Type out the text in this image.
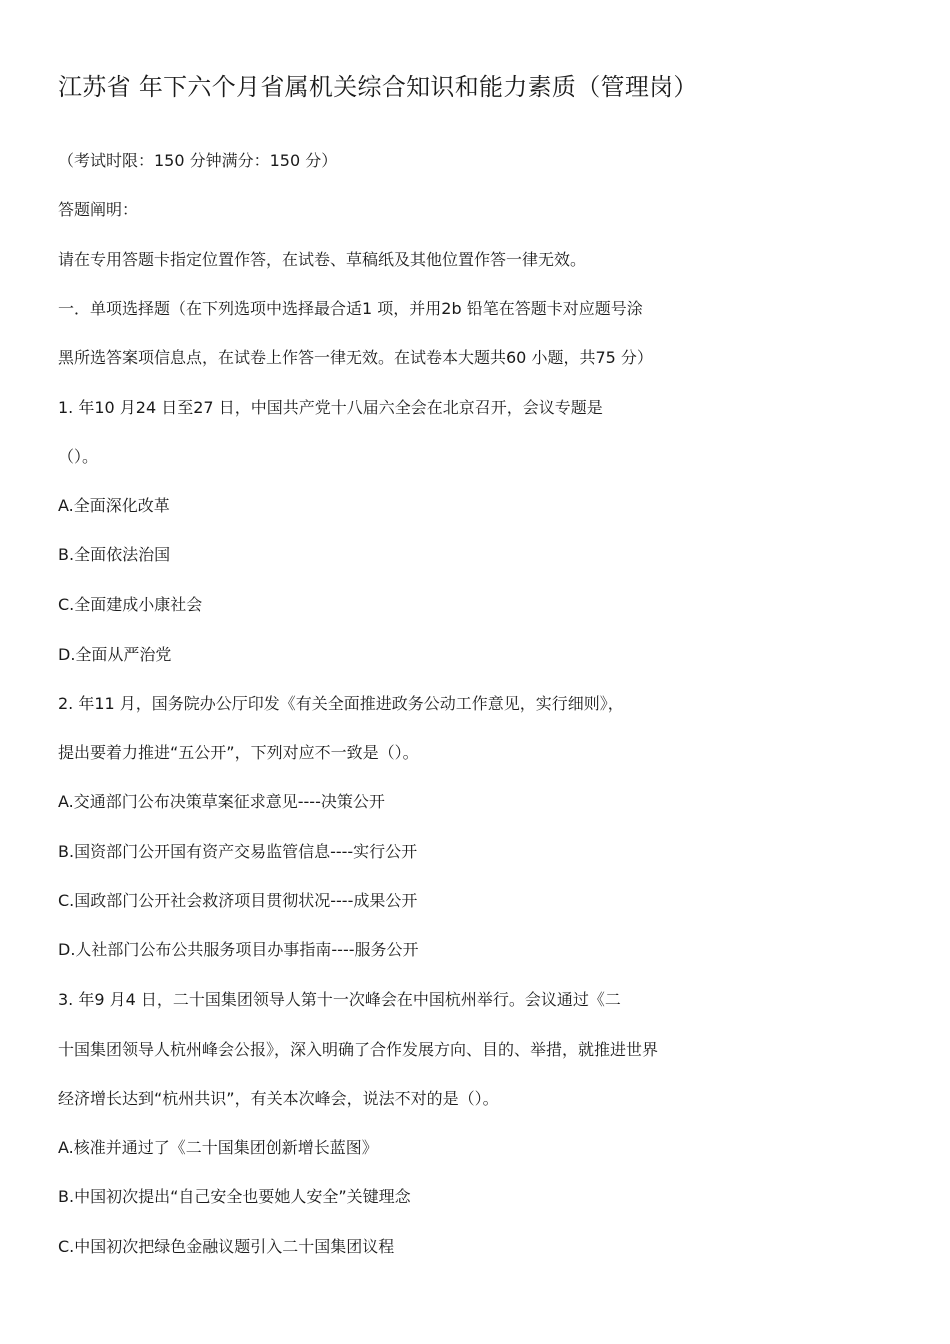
江苏省 年下六个月省属机关综合知识和能力素质（管理岗）
（考试时限：150 分钟满分：150 分）
答题阐明：
请在专用答题卡指定位置作答，在试卷、草稿纸及其他位置作答一律无效。
一．单项选择题（在下列选项中选择最合适1 项，并用2b 铅笔在答题卡对应题号涂
黑所选答案项信息点，在试卷上作答一律无效。在试卷本大题共60 小题，共75 分）
1. 年10 月24 日至27 日，中国共产党十八届六全会在北京召开，会议专题是
（）。
A.全面深化改革
B.全面依法治国
C.全面建成小康社会
D.全面从严治党
2. 年11 月，国务院办公厅印发《有关全面推进政务公动工作意见，实行细则》，
提出要着力推进“五公开”，下列对应不一致是（）。
A.交通部门公布决策草案征求意见----决策公开
B.国资部门公开国有资产交易监管信息----实行公开
C.国政部门公开社会救济项目贯彻状况----成果公开
D.人社部门公布公共服务项目办事指南----服务公开
3. 年9 月4 日，二十国集团领导人第十一次峰会在中国杭州举行。会议通过《二
十国集团领导人杭州峰会公报》，深入明确了合作发展方向、目的、举措，就推进世界
经济增长达到“杭州共识”，有关本次峰会，说法不对的是（）。
A.核准并通过了《二十国集团创新增长蓝图》
B.中国初次提出“自己安全也要她人安全”关键理念
C.中国初次把绿色金融议题引入二十国集团议程
